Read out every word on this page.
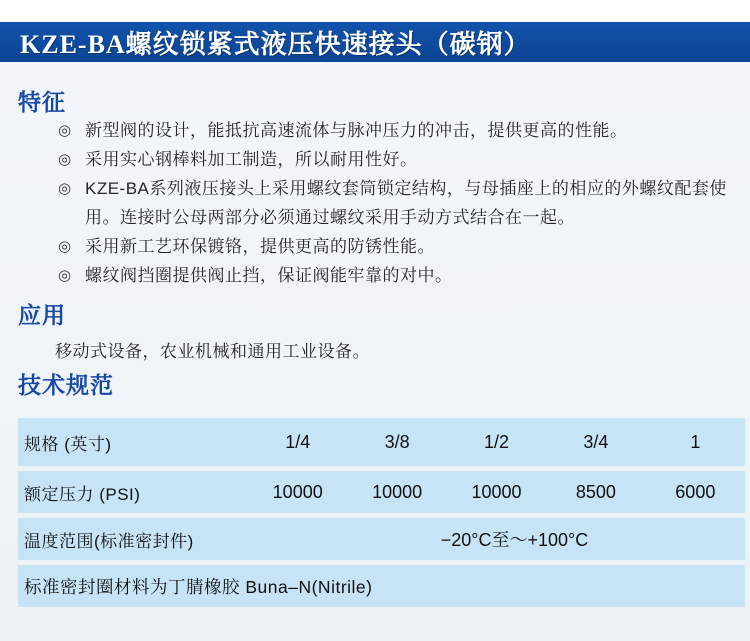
KZE-BA螺纹锁紧式液压快速接头（碳钢）
特征
◎ 新型阀的设计，能抵抗高速流体与脉冲压力的冲击，提供更高的性能。
◎ 采用实心钢棒料加工制造，所以耐用性好。
◎ KZE-BA系列液压接头上采用螺纹套筒锁定结构，与母插座上的相应的外螺纹配套使用。连接时公母两部分必须通过螺纹采用手动方式结合在一起。
◎ 采用新工艺环保镀铬，提供更高的防锈性能。
◎ 螺纹阀挡圈提供阀止挡，保证阀能牢靠的对中。
应用
移动式设备，农业机械和通用工业设备。
技术规范
规格 (英寸)	1/4	3/8	1/2	3/4	1
额定压力 (PSI)	10000	10000	10000	8500	6000
温度范围(标准密封件)	−20°C至～+100°C
标准密封圈材料为丁腈橡胶 Buna–N(Nitrile)
